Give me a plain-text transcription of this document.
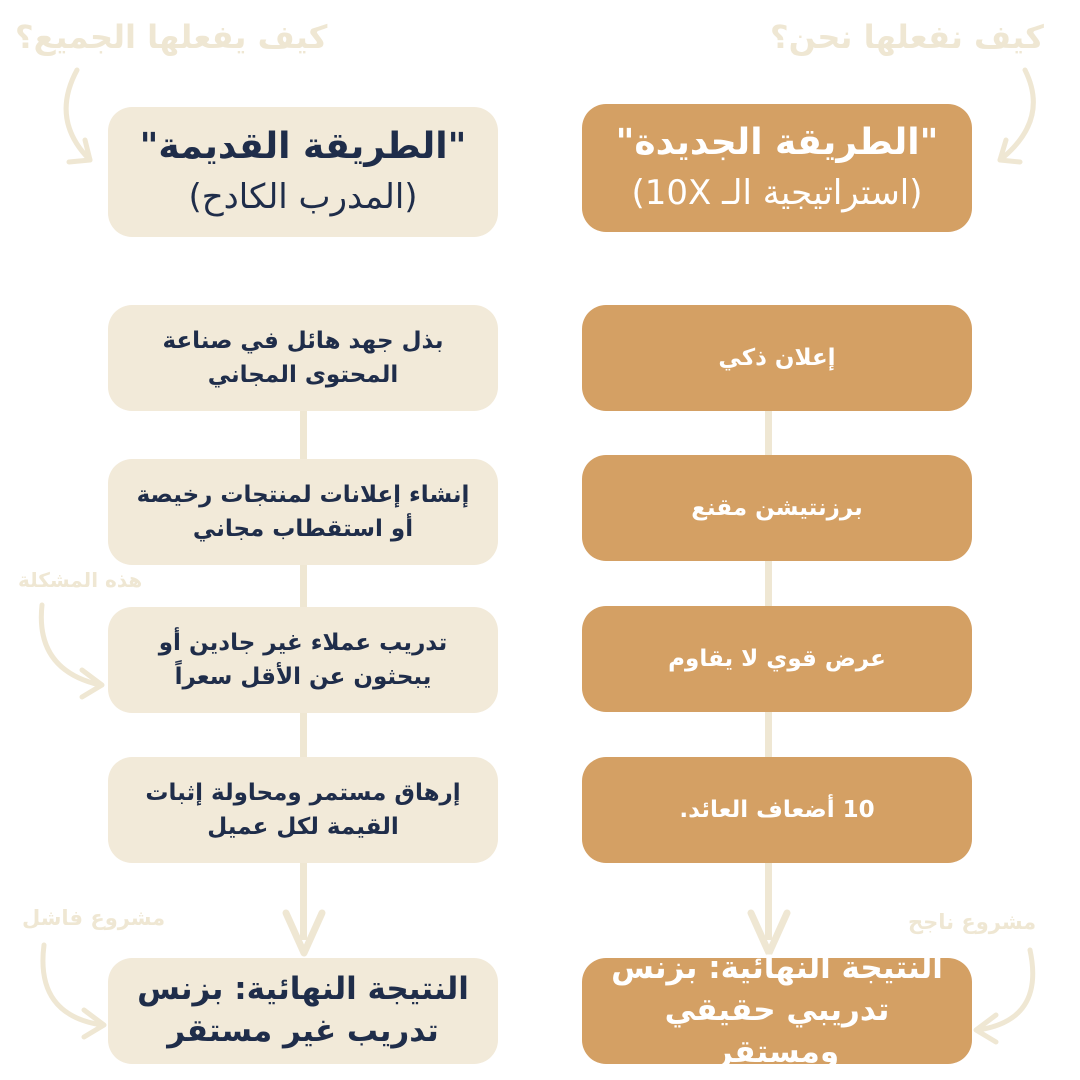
كيف يفعلها الجميع؟	كيف نفعلها نحن؟
"الطريقة القديمة"
(المدرب الكادح)
"الطريقة الجديدة"
(استراتيجية الـ 10X)
بذل جهد هائل في صناعة المحتوى المجاني
إنشاء إعلانات لمنتجات رخيصة أو استقطاب مجاني
تدريب عملاء غير جادين أو يبحثون عن الأقل سعراً
إرهاق مستمر ومحاولة إثبات القيمة لكل عميل
إعلان ذكي
برزنتيشن مقنع
عرض قوي لا يقاوم
10 أضعاف العائد.
هذه المشكلة
مشروع فاشل	مشروع ناجح
النتيجة النهائية: بزنس تدريب غير مستقر
النتيجة النهائية: بزنس تدريبي حقيقي ومستقر
